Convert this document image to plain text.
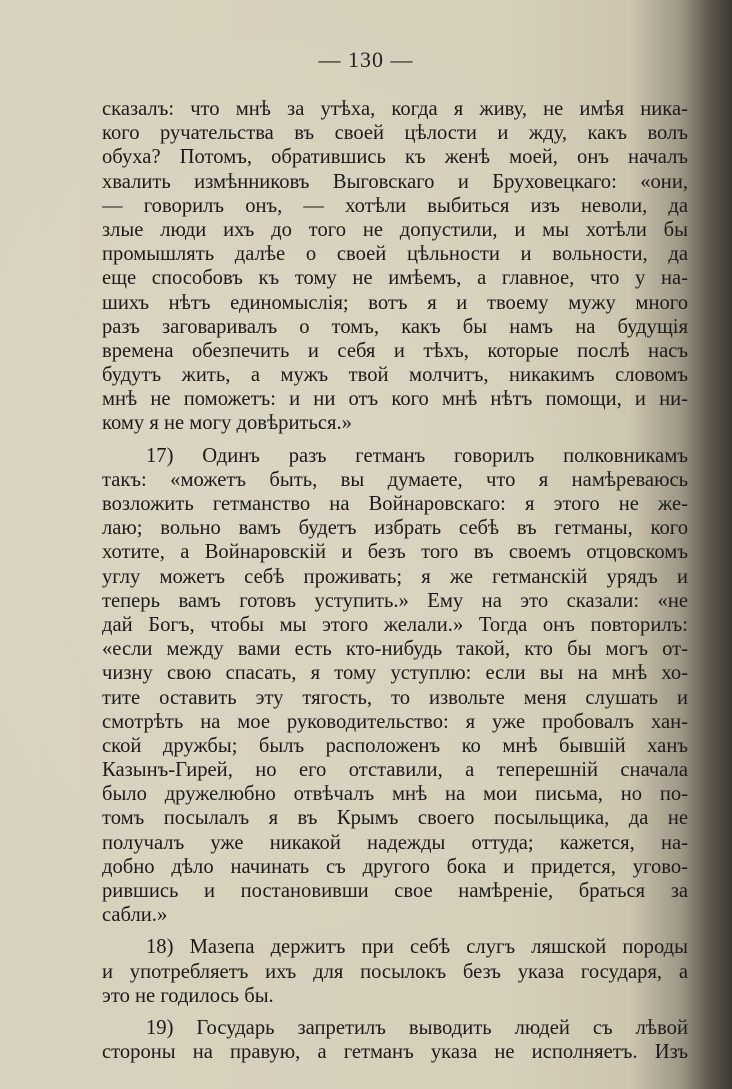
— 130 —
сказалъ: что мнѣ за утѣха, когда я живу, не имѣя ника-
кого ручательства въ своей цѣлости и жду, какъ волъ
обуха? Потомъ, обратившись къ женѣ моей, онъ началъ
хвалить измѣнниковъ Выговскаго и Бруховецкаго: «они,
— говорилъ онъ, — хотѣли выбиться изъ неволи, да
злые люди ихъ до того не допустили, и мы хотѣли бы
промышлять далѣе о своей цѣльности и вольности, да
еще способовъ къ тому не имѣемъ, а главное, что у на-
шихъ нѣтъ единомыслія; вотъ я и твоему мужу много
разъ заговаривалъ о томъ, какъ бы намъ на будущія
времена обезпечить и себя и тѣхъ, которые послѣ насъ
будутъ жить, а мужъ твой молчитъ, никакимъ словомъ
мнѣ не поможетъ: и ни отъ кого мнѣ нѣтъ помощи, и ни-
кому я не могу довѣриться.»
17) Одинъ разъ гетманъ говорилъ полковникамъ
такъ: «можетъ быть, вы думаете, что я намѣреваюсь
возложить гетманство на Войнаровскаго: я этого не же-
лаю; вольно вамъ будетъ избрать себѣ въ гетманы, кого
хотите, а Войнаровскій и безъ того въ своемъ отцовскомъ
углу можетъ себѣ проживать; я же гетманскій урядъ и
теперь вамъ готовъ уступить.» Ему на это сказали: «не
дай Богъ, чтобы мы этого желали.» Тогда онъ повторилъ:
«если между вами есть кто-нибудь такой, кто бы могъ от-
чизну свою спасать, я тому уступлю: если вы на мнѣ хо-
тите оставить эту тягость, то извольте меня слушать и
смотрѣть на мое руководительство: я уже пробовалъ хан-
ской дружбы; былъ расположенъ ко мнѣ бывшій ханъ
Казынъ-Гирей, но его отставили, а теперешній сначала
было дружелюбно отвѣчалъ мнѣ на мои письма, но по-
томъ посылалъ я въ Крымъ своего посыльщика, да не
получалъ уже никакой надежды оттуда; кажется, на-
добно дѣло начинать съ другого бока и придется, угово-
рившись и постановивши свое намѣреніе, браться за
сабли.»
18) Мазепа держитъ при себѣ слугъ ляшской породы
и употребляетъ ихъ для посылокъ безъ указа государя, а
это не годилось бы.
19) Государь запретилъ выводить людей съ лѣвой
стороны на правую, а гетманъ указа не исполняетъ. Изъ
